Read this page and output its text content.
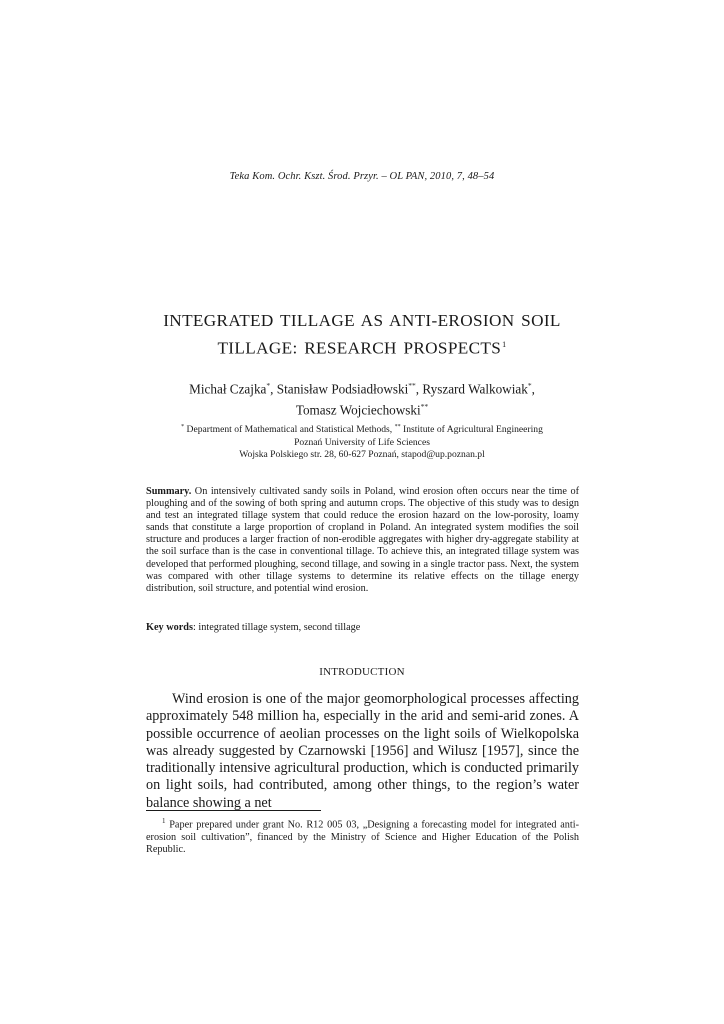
Teka Kom. Ochr. Kszt. Środ. Przyr. – OL PAN, 2010, 7, 48–54
INTEGRATED TILLAGE AS ANTI-EROSION SOIL
TILLAGE: RESEARCH PROSPECTS$^1$
Michał Czajka*, Stanisław Podsiadłowski**, Ryszard Walkowiak*,
Tomasz Wojciechowski**
* Department of Mathematical and Statistical Methods, ** Institute of Agricultural Engineering
Poznań University of Life Sciences
Wojska Polskiego str. 28, 60-627 Poznań, stapod@up.poznan.pl
Summary. On intensively cultivated sandy soils in Poland, wind erosion often occurs near the time of ploughing and of the sowing of both spring and autumn crops. The objective of this study was to design and test an integrated tillage system that could reduce the erosion hazard on the low-porosity, loamy sands that constitute a large proportion of cropland in Poland. An integrated system modifies the soil structure and produces a larger fraction of non-erodible aggregates with higher dry-aggregate stability at the soil surface than is the case in conventional tillage. To achieve this, an integrated tillage system was developed that performed ploughing, second tillage, and sowing in a single tractor pass. Next, the system was compared with other tillage systems to determine its relative effects on the tillage energy distribution, soil structure, and potential wind erosion.
Key words: integrated tillage system, second tillage
INTRODUCTION

Wind erosion is one of the major geomorphological processes affecting approximately 548 million ha, especially in the arid and semi-arid zones. A possible occurrence of aeolian processes on the light soils of Wielkopolska was already suggested by Czarnowski [1956] and Wilusz [1957], since the traditionally intensive agricultural production, which is conducted primarily on light soils, had contributed, among other things, to the region’s water balance showing a net

$^1$ Paper prepared under grant No. R12 005 03, „Designing a forecasting model for integrated anti-erosion soil cultivation”, financed by the Ministry of Science and Higher Education of the Polish Republic.
